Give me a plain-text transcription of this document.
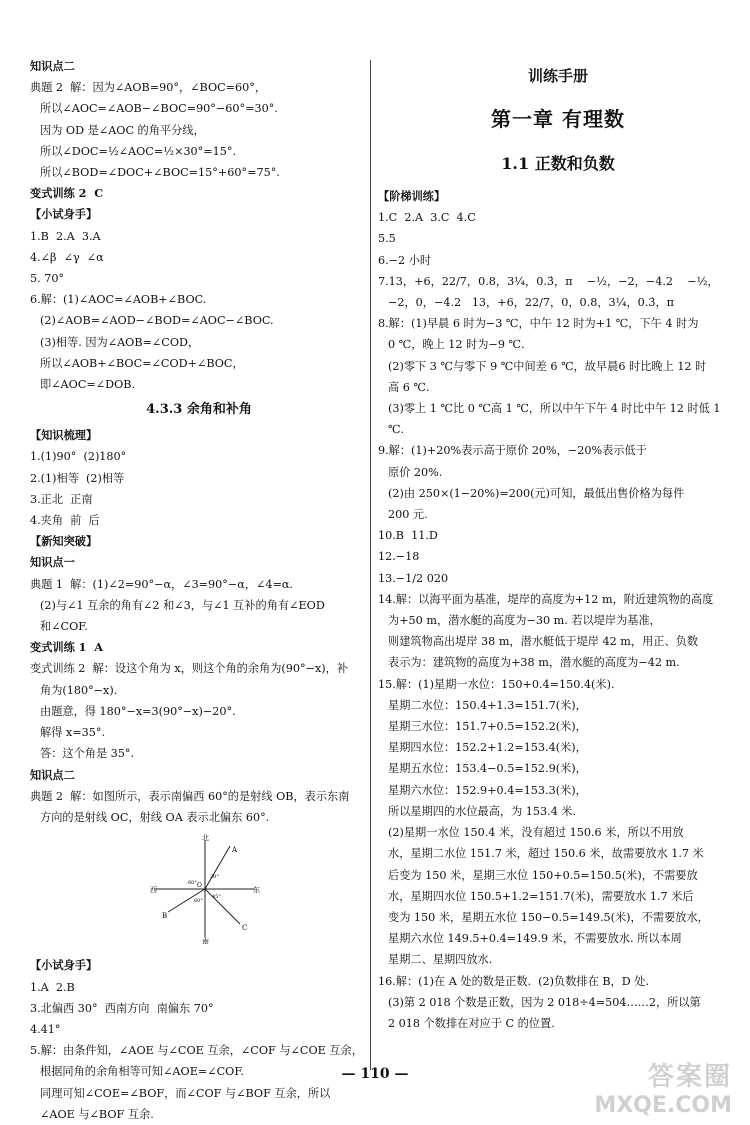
知识点二
典题 2  解：因为∠AOB=90°，∠BOC=60°，
所以∠AOC=∠AOB−∠BOC=90°−60°=30°.
因为 OD 是∠AOC 的角平分线，
所以∠DOC=½∠AOC=½×30°=15°.
所以∠BOD=∠DOC+∠BOC=15°+60°=75°.
变式训练 2  C
【小试身手】
1.B  2.A  3.A
4.∠β  ∠γ  ∠α
5. 70°
6.解：(1)∠AOC=∠AOB+∠BOC.
(2)∠AOB=∠AOD−∠BOD=∠AOC−∠BOC.
(3)相等. 因为∠AOB=∠COD，
所以∠AOB+∠BOC=∠COD+∠BOC，
即∠AOC=∠DOB.
4.3.3 余角和补角
【知识梳理】
1.(1)90°  (2)180°
2.(1)相等  (2)相等
3.正北  正南
4.夹角  前  后
【新知突破】
知识点一
典题 1  解：(1)∠2=90°−α，∠3=90°−α，∠4=α.
(2)与∠1 互余的角有∠2 和∠3，与∠1 互补的角有∠EOD
和∠COF.
变式训练 1  A
变式训练 2  解：设这个角为 x，则这个角的余角为(90°−x)，补
角为(180°−x).
由题意，得 180°−x=3(90°−x)−20°.
解得 x=35°.
答：这个角是 35°.
知识点二
典题 2  解：如图所示，表示南偏西 60°的是射线 OB，表示东南
方向的是射线 OC，射线 OA 表示北偏东 60°.
北
南
西	东
A
B
C
O
60°
30°
45°
60°
【小试身手】
1.A  2.B
3.北偏西 30°  西南方向  南偏东 70°
4.41°
5.解：由条件知，∠AOE 与∠COE 互余，∠COF 与∠COE 互余，
根据同角的余角相等可知∠AOE=∠COF.
同理可知∠COE=∠BOF，而∠COF 与∠BOF 互余，所以
∠AOE 与∠BOF 互余.
训练手册
第一章 有理数
1.1 正数和负数
【阶梯训练】
1.C  2.A  3.C  4.C
5.5
6.−2 小时
7.13，+6，22/7，0.8，3¼，0.3̇，π    −½，−2，−4.2    −½，
−2，0，−4.2   13，+6，22/7，0，0.8，3¼，0.3̇，π
8.解：(1)早晨 6 时为−3 ℃，中午 12 时为+1 ℃，下午 4 时为
0 ℃，晚上 12 时为−9 ℃.
(2)零下 3 ℃与零下 9 ℃中间差 6 ℃，故早晨6 时比晚上 12 时
高 6 ℃.
(3)零上 1 ℃比 0 ℃高 1 ℃，所以中午下午 4 时比中午 12 时低 1 ℃.
9.解：(1)+20%表示高于原价 20%，−20%表示低于
原价 20%.
(2)由 250×(1−20%)=200(元)可知，最低出售价格为每件
200 元.
10.B  11.D
12.−18
13.−1/2 020
14.解：以海平面为基准，堤岸的高度为+12 m，附近建筑物的高度
为+50 m，潜水艇的高度为−30 m. 若以堤岸为基准，
则建筑物高出堤岸 38 m，潜水艇低于堤岸 42 m，用正、负数
表示为：建筑物的高度为+38 m，潜水艇的高度为−42 m.
15.解：(1)星期一水位：150+0.4=150.4(米).
星期二水位：150.4+1.3=151.7(米)，
星期三水位：151.7+0.5=152.2(米)，
星期四水位：152.2+1.2=153.4(米)，
星期五水位：153.4−0.5=152.9(米)，
星期六水位：152.9+0.4=153.3(米)，
所以星期四的水位最高，为 153.4 米.
(2)星期一水位 150.4 米，没有超过 150.6 米，所以不用放
水，星期二水位 151.7 米，超过 150.6 米，故需要放水 1.7 米
后变为 150 米，星期三水位 150+0.5=150.5(米)，不需要放
水，星期四水位 150.5+1.2=151.7(米)，需要放水 1.7 米后
变为 150 米，星期五水位 150−0.5=149.5(米)，不需要放水，
星期六水位 149.5+0.4=149.9 米，不需要放水. 所以本周
星期二、星期四放水.
16.解：(1)在 A 处的数是正数.  (2)负数排在 B，D 处.
(3)第 2 018 个数是正数，因为 2 018÷4=504……2，所以第
2 018 个数排在对应于 C 的位置.
— 110 —	答案圈
MXQE.COM
